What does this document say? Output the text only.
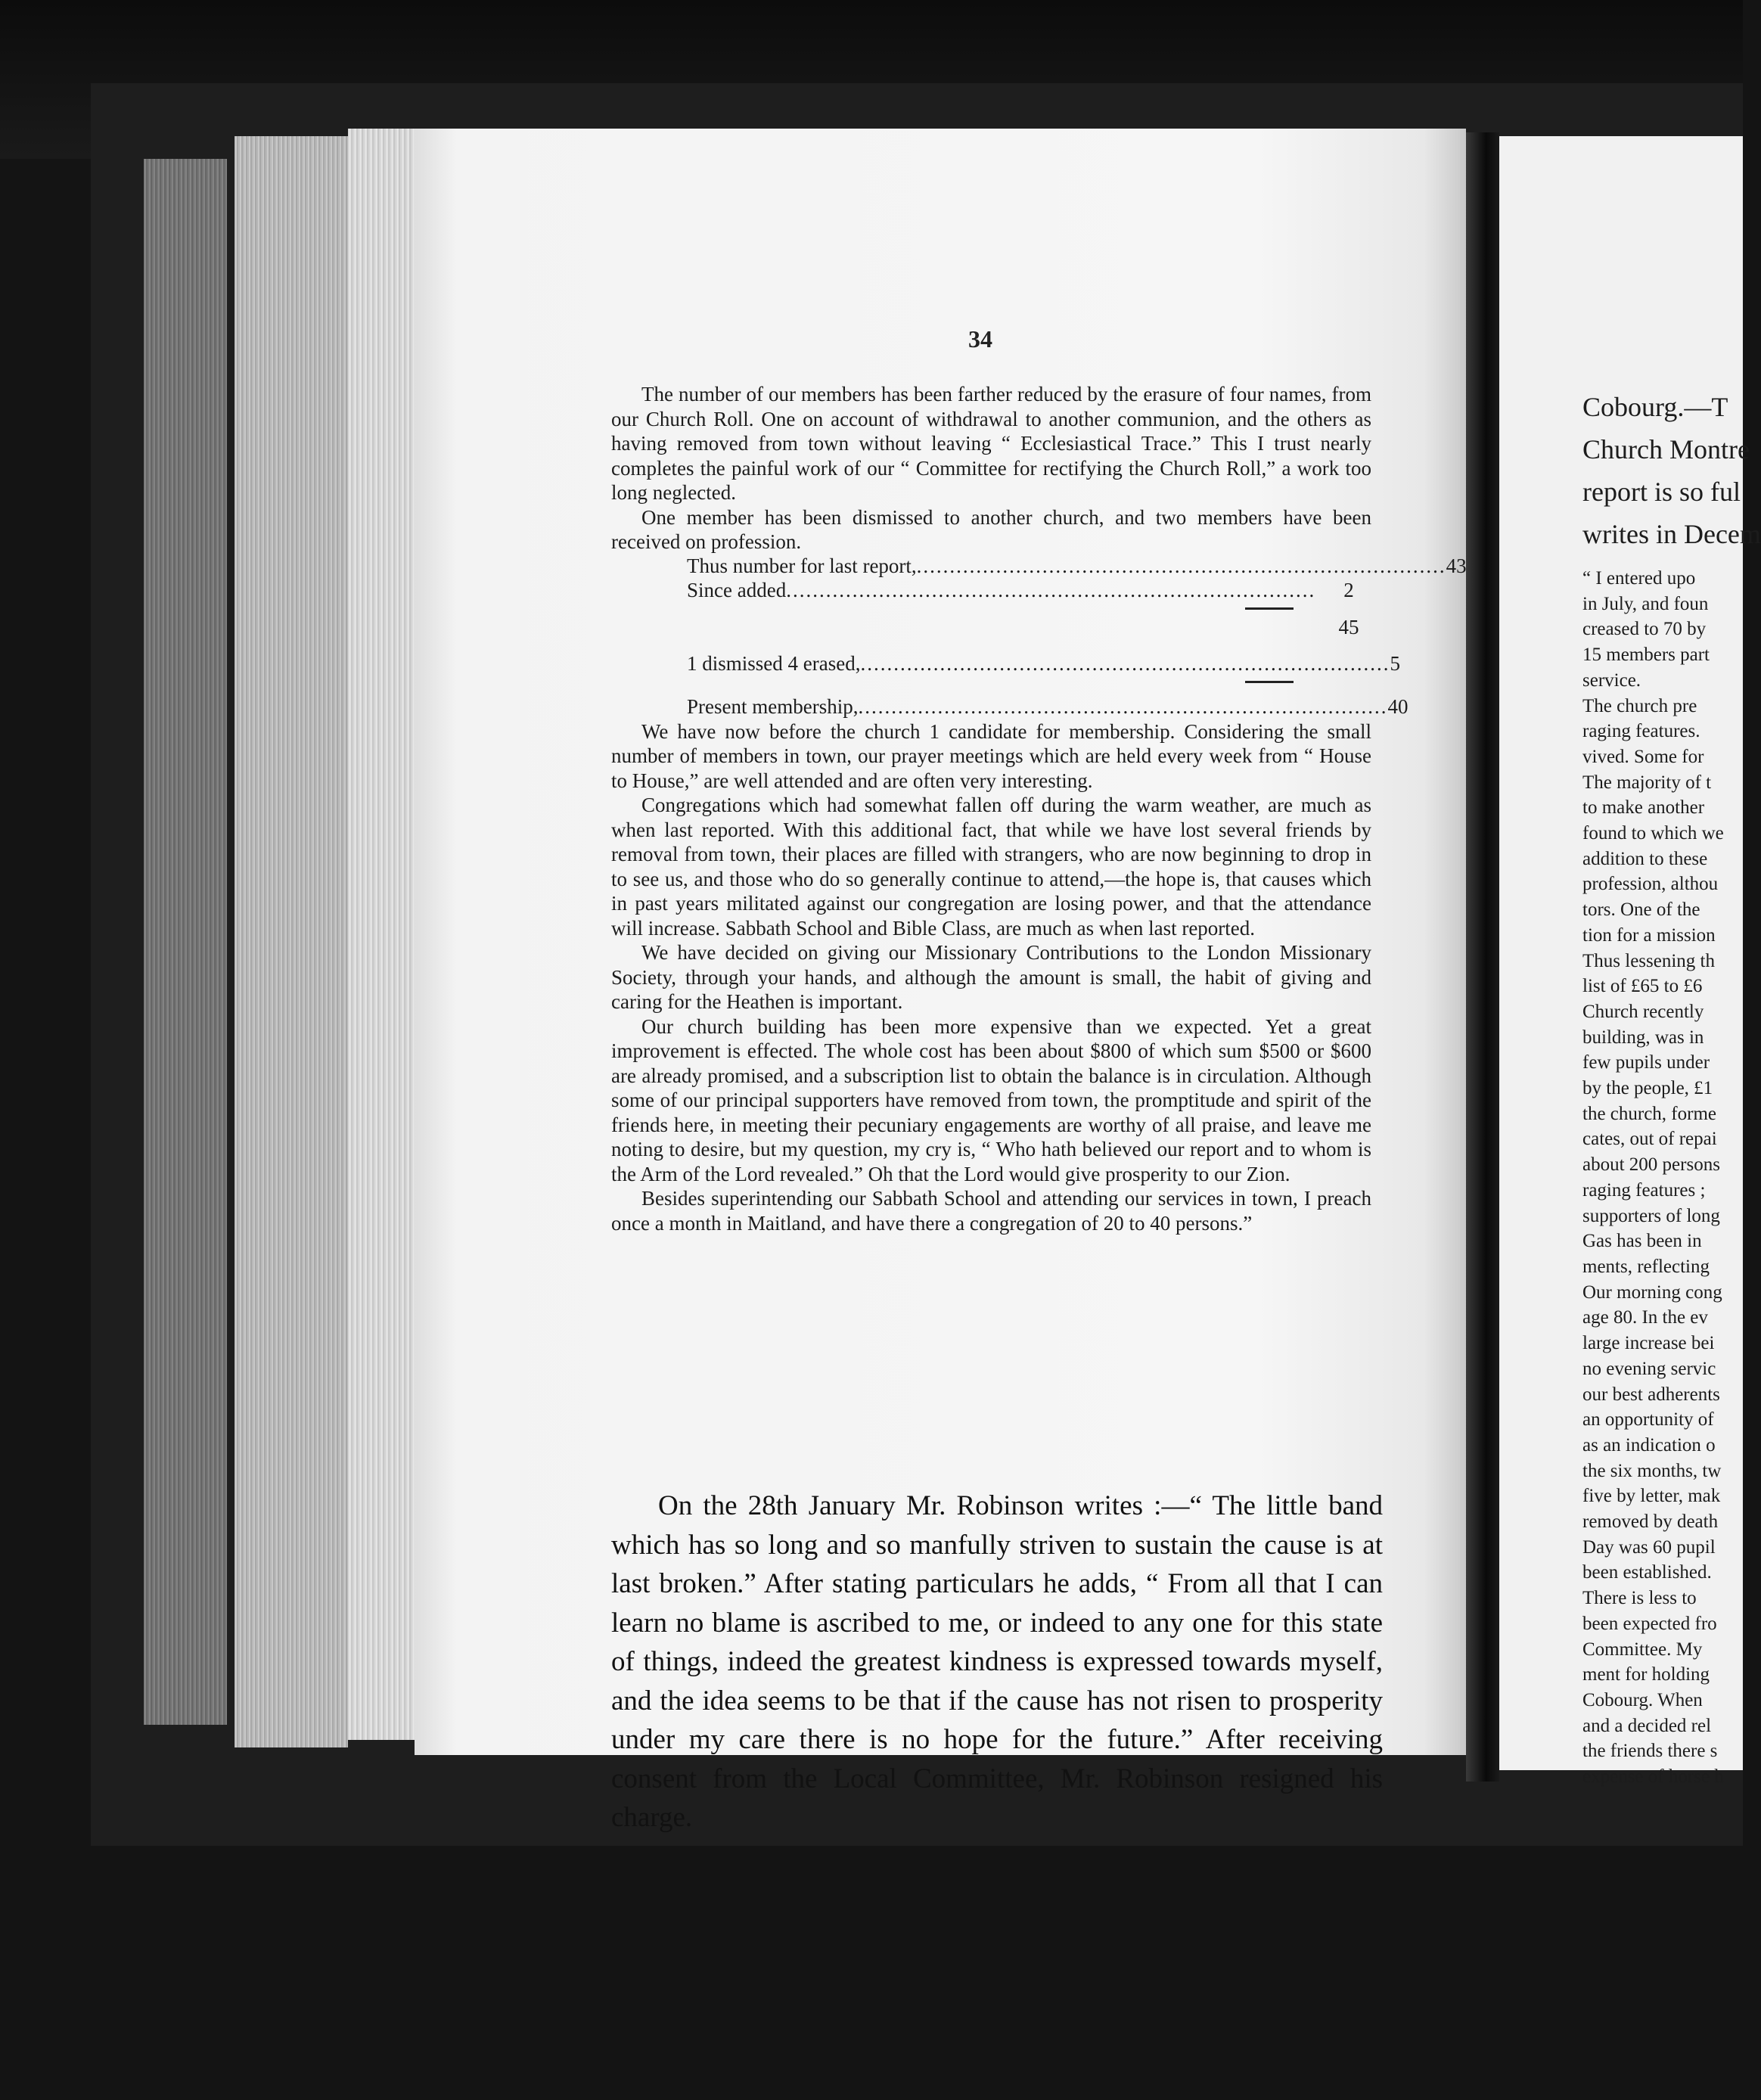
34

The number of our members has been farther reduced by the erasure of four names, from our Church Roll. One on account of withdrawal to another communion, and the others as having removed from town without leaving “ Ecclesiastical Trace.” This I trust nearly completes the painful work of our “ Committee for rectifying the Church Roll,” a work too long neglected.

One member has been dismissed to another church, and two members have been received on profession.

Thus number for last report, ................................................................................ 43
Since added ................................................................................	2
45
1 dismissed 4 erased, ................................................................................ 5
Present membership, ................................................................................ 40

We have now before the church 1 candidate for membership. Considering the small number of members in town, our prayer meetings which are held every week from “ House to House,” are well attended and are often very interesting.

Congregations which had somewhat fallen off during the warm weather, are much as when last reported. With this additional fact, that while we have lost several friends by removal from town, their places are filled with strangers, who are now beginning to drop in to see us, and those who do so generally continue to attend,—the hope is, that causes which in past years militated against our congregation are losing power, and that the attendance will increase. Sabbath School and Bible Class, are much as when last reported.

We have decided on giving our Missionary Contributions to the London Missionary Society, through your hands, and although the amount is small, the habit of giving and caring for the Heathen is important.

Our church building has been more expensive than we expected. Yet a great improvement is effected. The whole cost has been about $800 of which sum $500 or $600 are already promised, and a subscription list to obtain the balance is in circulation. Although some of our principal supporters have removed from town, the promptitude and spirit of the friends here, in meeting their pecuniary engagements are worthy of all praise, and leave me noting to desire, but my question, my cry is, “ Who hath believed our report and to whom is the Arm of the Lord revealed.” Oh that the Lord would give prosperity to our Zion.

Besides superintending our Sabbath School and attending our services in town, I preach once a month in Maitland, and have there a congregation of 20 to 40 persons.”

On the 28th January Mr. Robinson writes :—“ The little band which has so long and so manfully striven to sustain the cause is at last broken.” After stating particulars he adds, “ From all that I can learn no blame is ascribed to me, or indeed to any one for this state of things, indeed the greatest kindness is expressed towards myself, and the idea seems to be that if the cause has not risen to prosperity under my care there is no hope for the future.” After receiving consent from the Local Committee, Mr. Robinson resigned his charge.

Cobourg.—T
Church Montre
report is so ful
writes in Decem
“ I entered upo
in July, and foun
creased to 70 by
15 members part
service.
The church pre
raging features.
vived. Some for
The majority of t
to make another
found to which we
addition to these
profession, althou
tors. One of the
tion for a mission
Thus lessening th
list of £65 to £6
Church recently
building, was in
few pupils under
by the people, £1
the church, forme
cates, out of repai
about 200 persons
raging features ;
supporters of long
Gas has been in
ments, reflecting
Our morning cong
age 80. In the ev
large increase bei
no evening servic
our best adherents
an opportunity of
as an indication o
the six months, tw
five by letter, mak
removed by death
Day was 60 pupil
been established.
There is less to
been expected fro
Committee. My
ment for holding
Cobourg. When
and a decided rel
the friends there s
expense of horse h
